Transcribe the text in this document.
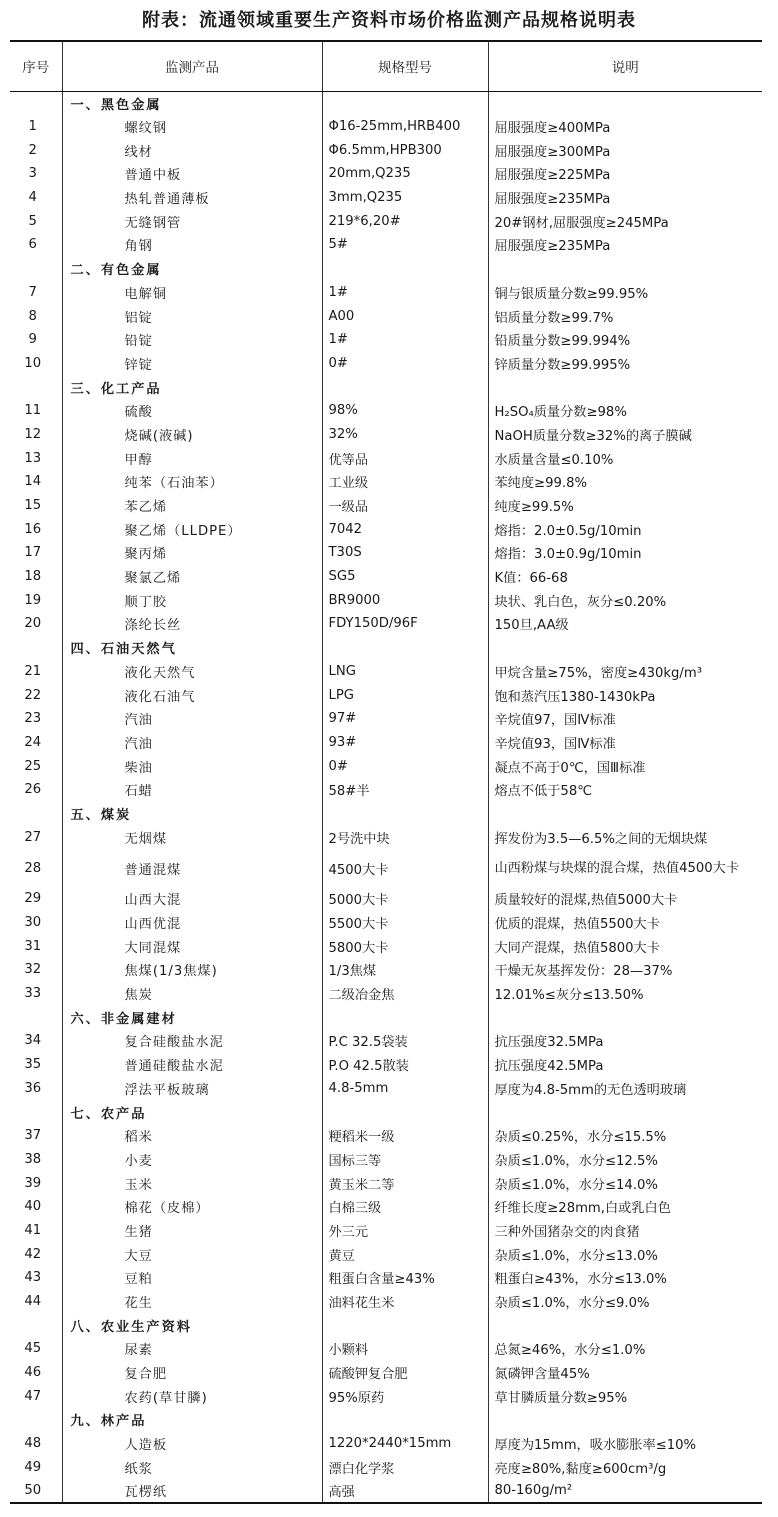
附表：流通领域重要生产资料市场价格监测产品规格说明表
序号	监测产品	规格型号	说明
	一、黑色金属		
1	螺纹钢	Φ16-25mm,HRB400	屈服强度≥400MPa
2	线材	Φ6.5mm,HPB300	屈服强度≥300MPa
3	普通中板	20mm,Q235	屈服强度≥225MPa
4	热轧普通薄板	3mm,Q235	屈服强度≥235MPa
5	无缝钢管	219*6,20#	20#钢材,屈服强度≥245MPa
6	角钢	5#	屈服强度≥235MPa
	二、有色金属		
7	电解铜	1#	铜与银质量分数≥99.95%
8	铝锭	A00	铝质量分数≥99.7%
9	铅锭	1#	铅质量分数≥99.994%
10	锌锭	0#	锌质量分数≥99.995%
	三、化工产品		
11	硫酸	98%	H₂SO₄质量分数≥98%
12	烧碱(液碱)	32%	NaOH质量分数≥32%的离子膜碱
13	甲醇	优等品	水质量含量≤0.10%
14	纯苯（石油苯）	工业级	苯纯度≥99.8%
15	苯乙烯	一级品	纯度≥99.5%
16	聚乙烯（LLDPE）	7042	熔指：2.0±0.5g/10min
17	聚丙烯	T30S	熔指：3.0±0.9g/10min
18	聚氯乙烯	SG5	K值：66-68
19	顺丁胶	BR9000	块状、乳白色，灰分≤0.20%
20	涤纶长丝	FDY150D/96F	150旦,AA级
	四、石油天然气		
21	液化天然气	LNG	甲烷含量≥75%，密度≥430kg/m³
22	液化石油气	LPG	饱和蒸汽压1380-1430kPa
23	汽油	97#	辛烷值97，国Ⅳ标准
24	汽油	93#	辛烷值93，国Ⅳ标准
25	柴油	0#	凝点不高于0℃，国Ⅲ标准
26	石蜡	58#半	熔点不低于58℃
	五、煤炭		
27	无烟煤	2号洗中块	挥发份为3.5—6.5%之间的无烟块煤
28	普通混煤	4500大卡	山西粉煤与块煤的混合煤，热值4500大卡
29	山西大混	5000大卡	质量较好的混煤,热值5000大卡
30	山西优混	5500大卡	优质的混煤，热值5500大卡
31	大同混煤	5800大卡	大同产混煤，热值5800大卡
32	焦煤(1/3焦煤)	1/3焦煤	干燥无灰基挥发份：28—37%
33	焦炭	二级冶金焦	12.01%≤灰分≤13.50%
	六、非金属建材		
34	复合硅酸盐水泥	P.C 32.5袋装	抗压强度32.5MPa
35	普通硅酸盐水泥	P.O 42.5散装	抗压强度42.5MPa
36	浮法平板玻璃	4.8-5mm	厚度为4.8-5mm的无色透明玻璃
	七、农产品		
37	稻米	粳稻米一级	杂质≤0.25%，水分≤15.5%
38	小麦	国标三等	杂质≤1.0%，水分≤12.5%
39	玉米	黄玉米二等	杂质≤1.0%，水分≤14.0%
40	棉花（皮棉）	白棉三级	纤维长度≥28mm,白或乳白色
41	生猪	外三元	三种外国猪杂交的肉食猪
42	大豆	黄豆	杂质≤1.0%，水分≤13.0%
43	豆粕	粗蛋白含量≥43%	粗蛋白≥43%，水分≤13.0%
44	花生	油料花生米	杂质≤1.0%，水分≤9.0%
	八、农业生产资料		
45	尿素	小颗料	总氮≥46%，水分≤1.0%
46	复合肥	硫酸钾复合肥	氮磷钾含量45%
47	农药(草甘膦)	95%原药	草甘膦质量分数≥95%
	九、林产品		
48	人造板	1220*2440*15mm	厚度为15mm，吸水膨胀率≤10%
49	纸浆	漂白化学浆	亮度≥80%,黏度≥600cm³/g
50	瓦楞纸	高强	80-160g/m²
